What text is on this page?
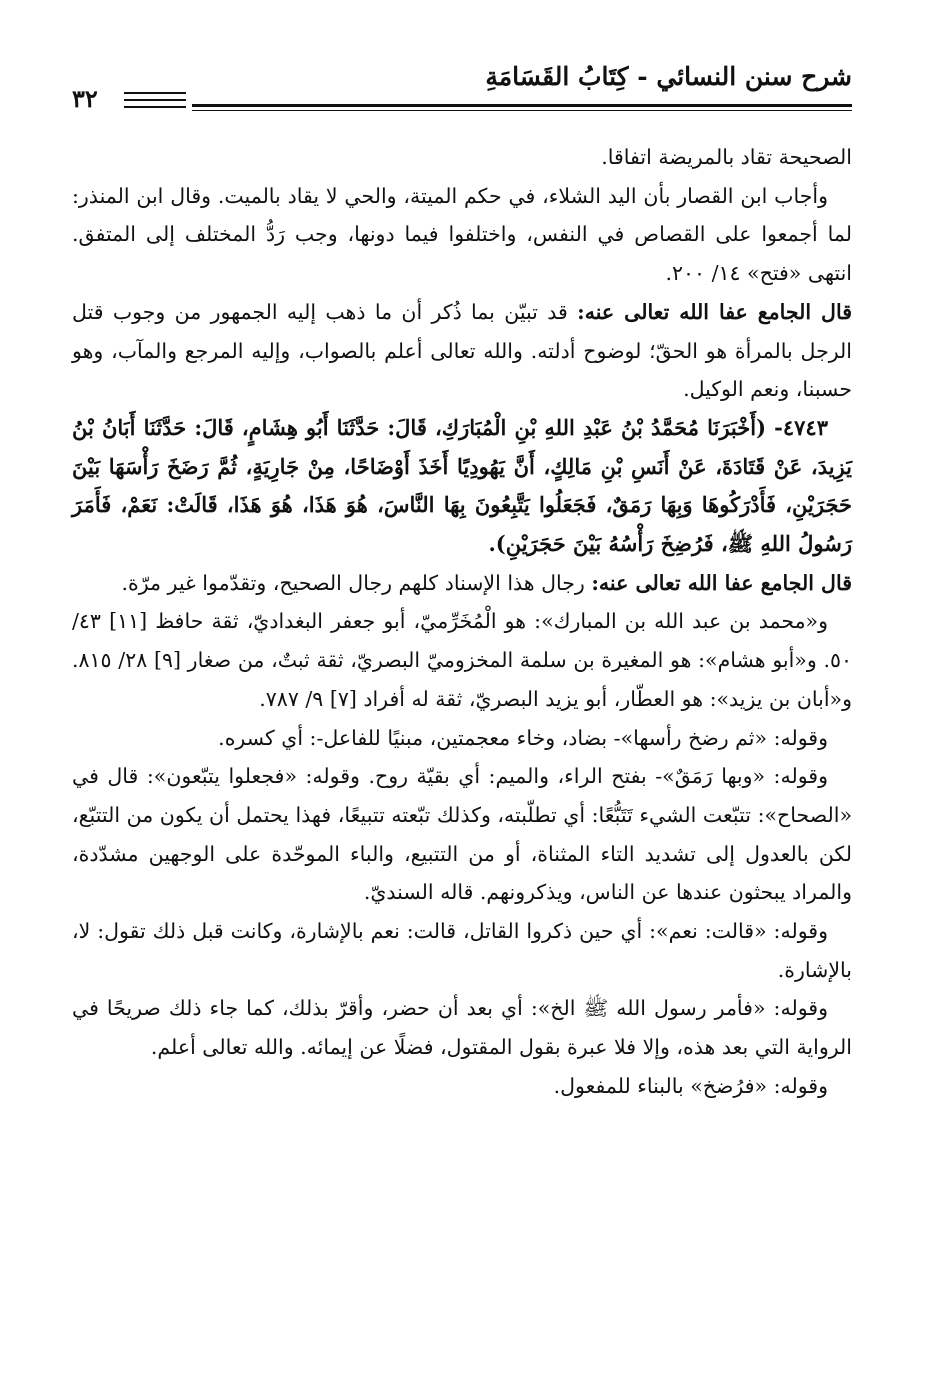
شرح سنن النسائي - كِتَابُ القَسَامَةِ
٣٢

الصحيحة تقاد بالمريضة اتفاقا.

وأجاب ابن القصار بأن اليد الشلاء، في حكم الميتة، والحي لا يقاد بالميت. وقال ابن المنذر: لما أجمعوا على القصاص في النفس، واختلفوا فيما دونها، وجب رَدُّ المختلف إلى المتفق. انتهى «فتح» ١٤/ ٢٠٠.

قال الجامع عفا الله تعالى عنه: قد تبيّن بما ذُكر أن ما ذهب إليه الجمهور من وجوب قتل الرجل بالمرأة هو الحقّ؛ لوضوح أدلته. والله تعالى أعلم بالصواب، وإليه المرجع والمآب، وهو حسبنا، ونعم الوكيل.

٤٧٤٣- (أَخْبَرَنَا مُحَمَّدُ بْنُ عَبْدِ اللهِ بْنِ الْمُبَارَكِ، قَالَ: حَدَّثَنَا أَبُو هِشَامٍ، قَالَ: حَدَّثَنَا أَبَانُ بْنُ يَزِيدَ، عَنْ قَتَادَةَ، عَنْ أَنَسِ بْنِ مَالِكٍ، أَنَّ يَهُودِيًا أَخَذَ أَوْضَاحًا، مِنْ جَارِيَةٍ، ثُمَّ رَضَخَ رَأْسَهَا بَيْنَ حَجَرَيْنِ، فَأَدْرَكُوهَا وَبِهَا رَمَقٌ، فَجَعَلُوا يَتَّبِعُونَ بِهَا النَّاسَ، هُوَ هَذَا، هُوَ هَذَا، قَالَتْ: نَعَمْ، فَأَمَرَ رَسُولُ اللهِ ﷺ، فَرُضِخَ رَأْسُهُ بَيْنَ حَجَرَيْنِ).

قال الجامع عفا الله تعالى عنه: رجال هذا الإسناد كلهم رجال الصحيح، وتقدّموا غير مرّة.

و«محمد بن عبد الله بن المبارك»: هو الْمُخَرِّميّ، أبو جعفر البغداديّ، ثقة حافظ [١١] ٤٣/ ٥٠. و«أبو هشام»: هو المغيرة بن سلمة المخزوميّ البصريّ، ثقة ثبتٌ، من صغار [٩] ٢٨/ ٨١٥. و«أبان بن يزيد»: هو العطّار، أبو يزيد البصريّ، ثقة له أفراد [٧] ٩/ ٧٨٧.

وقوله: «ثم رضخ رأسها»- بضاد، وخاء معجمتين، مبنيًا للفاعل-: أي كسره.

وقوله: «وبها رَمَقٌ»- بفتح الراء، والميم: أي بقيّة روح. وقوله: «فجعلوا يتبّعون»: قال في «الصحاح»: تتبّعت الشيء تَتَبُّعًا: أي تطلّبته، وكذلك تبّعته تتبيعًا، فهذا يحتمل أن يكون من التتبّع، لكن بالعدول إلى تشديد التاء المثناة، أو من التتبيع، والباء الموحّدة على الوجهين مشدّدة، والمراد يبحثون عندها عن الناس، ويذكرونهم. قاله السنديّ.

وقوله: «قالت: نعم»: أي حين ذكروا القاتل، قالت: نعم بالإشارة، وكانت قبل ذلك تقول: لا، بالإشارة.

وقوله: «فأمر رسول الله ﷺ الخ»: أي بعد أن حضر، وأقرّ بذلك، كما جاء ذلك صريحًا في الرواية التي بعد هذه، وإلا فلا عبرة بقول المقتول، فضلًا عن إيمائه. والله تعالى أعلم.

وقوله: «فرُضخ» بالبناء للمفعول.
